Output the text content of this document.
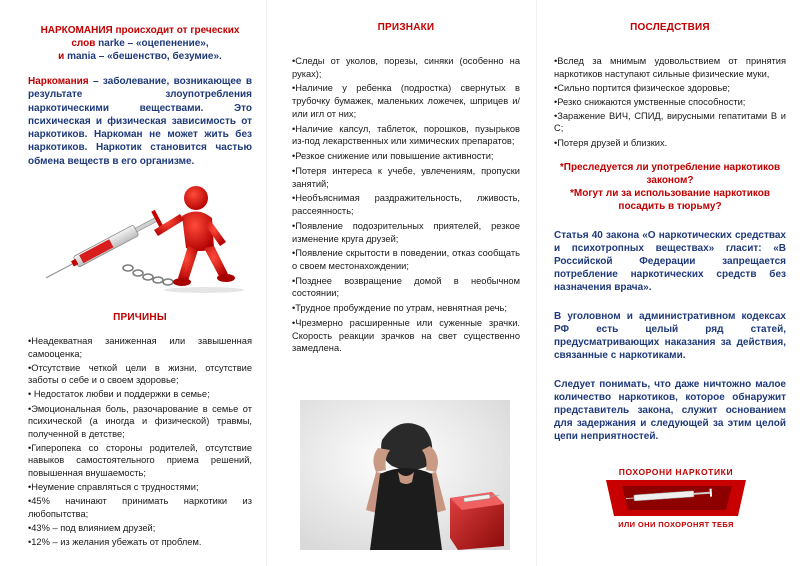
НАРКОМАНИЯ происходит от греческих
слов narke – «оцепенение»,
и mania – «бешенство, безумие».
Наркомания – заболевание, возникающее в результате злоупотребления наркотическими веществами. Это психическая и физическая зависимость от наркотиков. Наркоман не может жить без наркотиков. Наркотик становится частью обмена веществ в его организме.
ПРИЧИНЫ
•Неадекватная заниженная или завышенная самооценка;
•Отсутствие четкой цели в жизни, отсутствие заботы о себе и о своем здоровье;
• Недостаток любви и поддержки в семье;
•Эмоциональная боль, разочарование в семье от психической (а иногда и физической) травмы, полученной в детстве;
•Гиперопека со стороны родителей, отсутствие навыков самостоятельного приема решений, повышенная внушаемость;
•Неумение справляться с трудностями;
•45% начинают принимать наркотики из любопытства;
•43% – под влиянием друзей;
•12% – из желания убежать от проблем.
ПРИЗНАКИ
•Следы от уколов, порезы, синяки (особенно на руках);
•Наличие у ребенка (подростка) свернутых в трубочку бумажек, маленьких ложечек, шприцев и/ или игл от них;
•Наличие капсул, таблеток, порошков, пузырьков из-под лекарственных или химических препаратов;
•Резкое снижение или повышение активности;
•Потеря интереса к учебе, увлечениям, пропуски занятий;
•Необъяснимая раздражительность, лживость, рассеянность;
•Появление подозрительных приятелей, резкое изменение круга друзей;
•Появление скрытости в поведении, отказ сообщать о своем местонахождении;
•Позднее возвращение домой в необычном состоянии;
•Трудное пробуждение по утрам, невнятная речь;
•Чрезмерно расширенные или суженные зрачки. Скорость реакции зрачков на свет существенно замедлена.
ПОСЛЕДСТВИЯ
•Вслед за мнимым удовольствием от принятия наркотиков наступают сильные физические муки,
•Сильно портится физическое здоровье;
•Резко снижаются умственные способности;
•Заражение ВИЧ, СПИД, вирусными гепатитами В и С;
•Потеря друзей и близких.
*Преследуется ли употребление наркотиков законом?
*Могут ли за использование наркотиков посадить в тюрьму?
Статья 40 закона «О наркотических средствах и психотропных веществах» гласит: «В Российской Федерации запрещается потребление наркотических средств без назначения врача».
В уголовном и административном кодексах РФ есть целый ряд статей, предусматривающих наказания за действия, связанные с наркотиками.
Следует понимать, что даже ничтожно малое количество наркотиков, которое обнаружит представитель закона, служит основанием для задержания и следующей за этим целой цепи неприятностей.
ПОХОРОНИ НАРКОТИКИ
ИЛИ ОНИ ПОХОРОНЯТ ТЕБЯ
